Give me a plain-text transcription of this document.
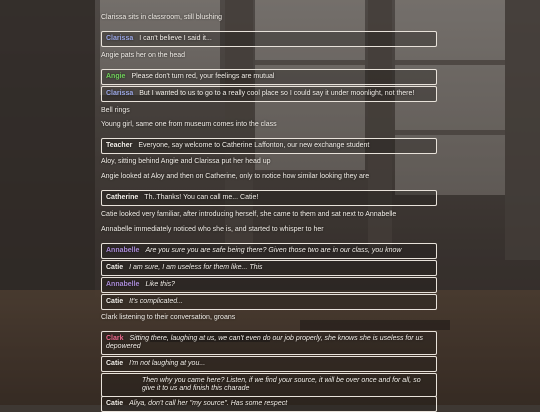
Clarissa sits in classroom, still blushing
Clarissa I can't believe I said it...
Angie pats her on the head
Angie Please don't turn red, your feelings are mutual
Clarissa But I wanted to us to go to a really cool place so I could say it under moonlight, not there!
Bell rings
Young girl, same one from museum comes into the class
Teacher Everyone, say welcome to Catherine Laffonton, our new exchange student
Aloy, sitting behind Angie and Clarissa put her head up
Angie looked at Aloy and then on Catherine, only to notice how similar looking they are
Catherine Th..Thanks! You can call me... Catie!
Catie looked very familiar, after introducing herself, she came to them and sat next to Annabelle
Annabelle immediately noticed who she is, and started to whisper to her
Annabelle Are you sure you are safe being there? Given those two are in our class, you know
Catie I am sure, I am useless for them like... This
Annabelle Like this?
Catie It's complicated...
Clark listening to their conversation, groans
Clark Sitting there, laughing at us, we can't even do our job properly, she knows she is useless for us depowered
Catie I'm not laughing at you...
Then why you came here? Listen, if we find your source, it will be over once and for all, so give it to us and finish this charade
Catie Aliya, don't call her "my source". Has some respect
